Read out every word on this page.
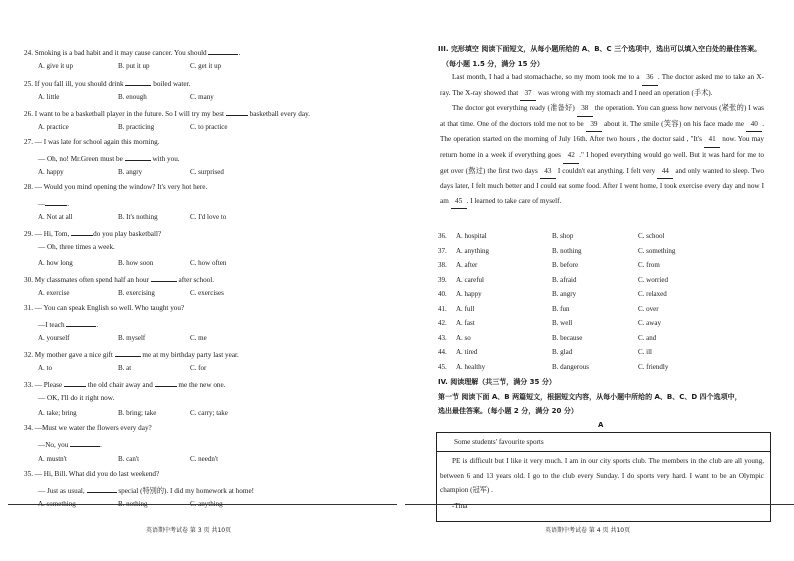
24. Smoking is a bad habit and it may cause cancer. You should	.
A. give it up	B. put it up	C. get it up
25. If you fall ill, you should drink	boiled water.
A. little	B. enough	C. many
26. I want to be a basketball player in the future. So I will try my best	basketball every day.
A. practice	B. practicing	C. to practice
27. — I was late for school again this morning.
— Oh, no! Mr.Green must be	with you.
A. happy	B. angry	C. surprised
28. — Would you mind opening the window? It's very hot here.
—	.
A. Not at all	B. It's nothing	C. I'd love to
29. — Hi, Tom,	do you play basketball?
— Oh, three times a week.
A. how long	B. how soon	C. how often
30. My classmates often spend half an hour	after school.
A. exercise	B. exercising	C. exercises
31. — You can speak English so well. Who taught you?
—I teach	.
A. yourself	B. myself	C. me
32. My mother gave a nice gift	me at my birthday party last year.
A. to	B. at	C. for
33. — Please	the old chair away and	me the new one.
— OK, I'll do it right now.
A. take; bring	B. bring; take	C. carry; take
34. —Must we water the flowers every day?
—No, you	.
A. mustn't	B. can't	C. needn't
35. — Hi, Bill. What did you do last weekend?
— Just as usual,	special (特別的). I did my homework at home!
A. something	B. nothing	C. anything
英语期中考试卷 第 3 页 共10页
III. 完形填空 阅读下面短文，从每小题所给的 A、B、C 三个选项中，选出可以填入空白处的最佳答案。
（每小题 1.5 分，满分 15 分）
Last month, I had a bad stomachache, so my mom took me to a 36 . The doctor asked me to take an X-ray. The X-ray showed that 37 was wrong with my stomach and I need an operation (手术).
The doctor got everything ready (准备好) 38 the operation. You can guess how nervous (紧张的) I was at that time. One of the doctors told me not to be 39 about it. The smile (笑容) on his face made me 40 . The operation started on the morning of July 16th. After two hours , the doctor said , "It's 41 now. You may return home in a week if everything goes 42 ." I hoped everything would go well. But it was hard for me to get over (熬过) the first two days 43 I couldn't eat anything. I felt very 44 and only wanted to sleep. Two days later, I felt much better and I could eat some food. After I went home, I took exercise every day and now I am 45 . I learned to take care of myself.
36. A. hospital	B. shop	C. school
37. A. anything	B. nothing	C. something
38. A. after	B. before	C. from
39. A. careful	B. afraid	C. worried
40. A. happy	B. angry	C. relaxed
41. A. full	B. fun	C. over
42. A. fast	B. well	C. away
43. A. so	B. because	C. and
44. A. tired	B. glad	C. ill
45. A. healthy	B. dangerous	C. friendly
IV. 阅读理解（共三节，满分 35 分）
第一节 阅读下面 A、B 两篇短文，根据短文内容，从每小题中所给的 A、B、C、D 四个选项中，
选出最佳答案。（每小题 2 分，满分 20 分）
A
Some students' favourite sports
PE is difficult but I like it very much. I am in our city sports club. The members in the club are all young, between 6 and 13 years old. I go to the club every Sunday. I do sports very hard. I want to be an Olympic champion (冠军) .
-Tina
英语期中考试卷 第 4 页 共10页
